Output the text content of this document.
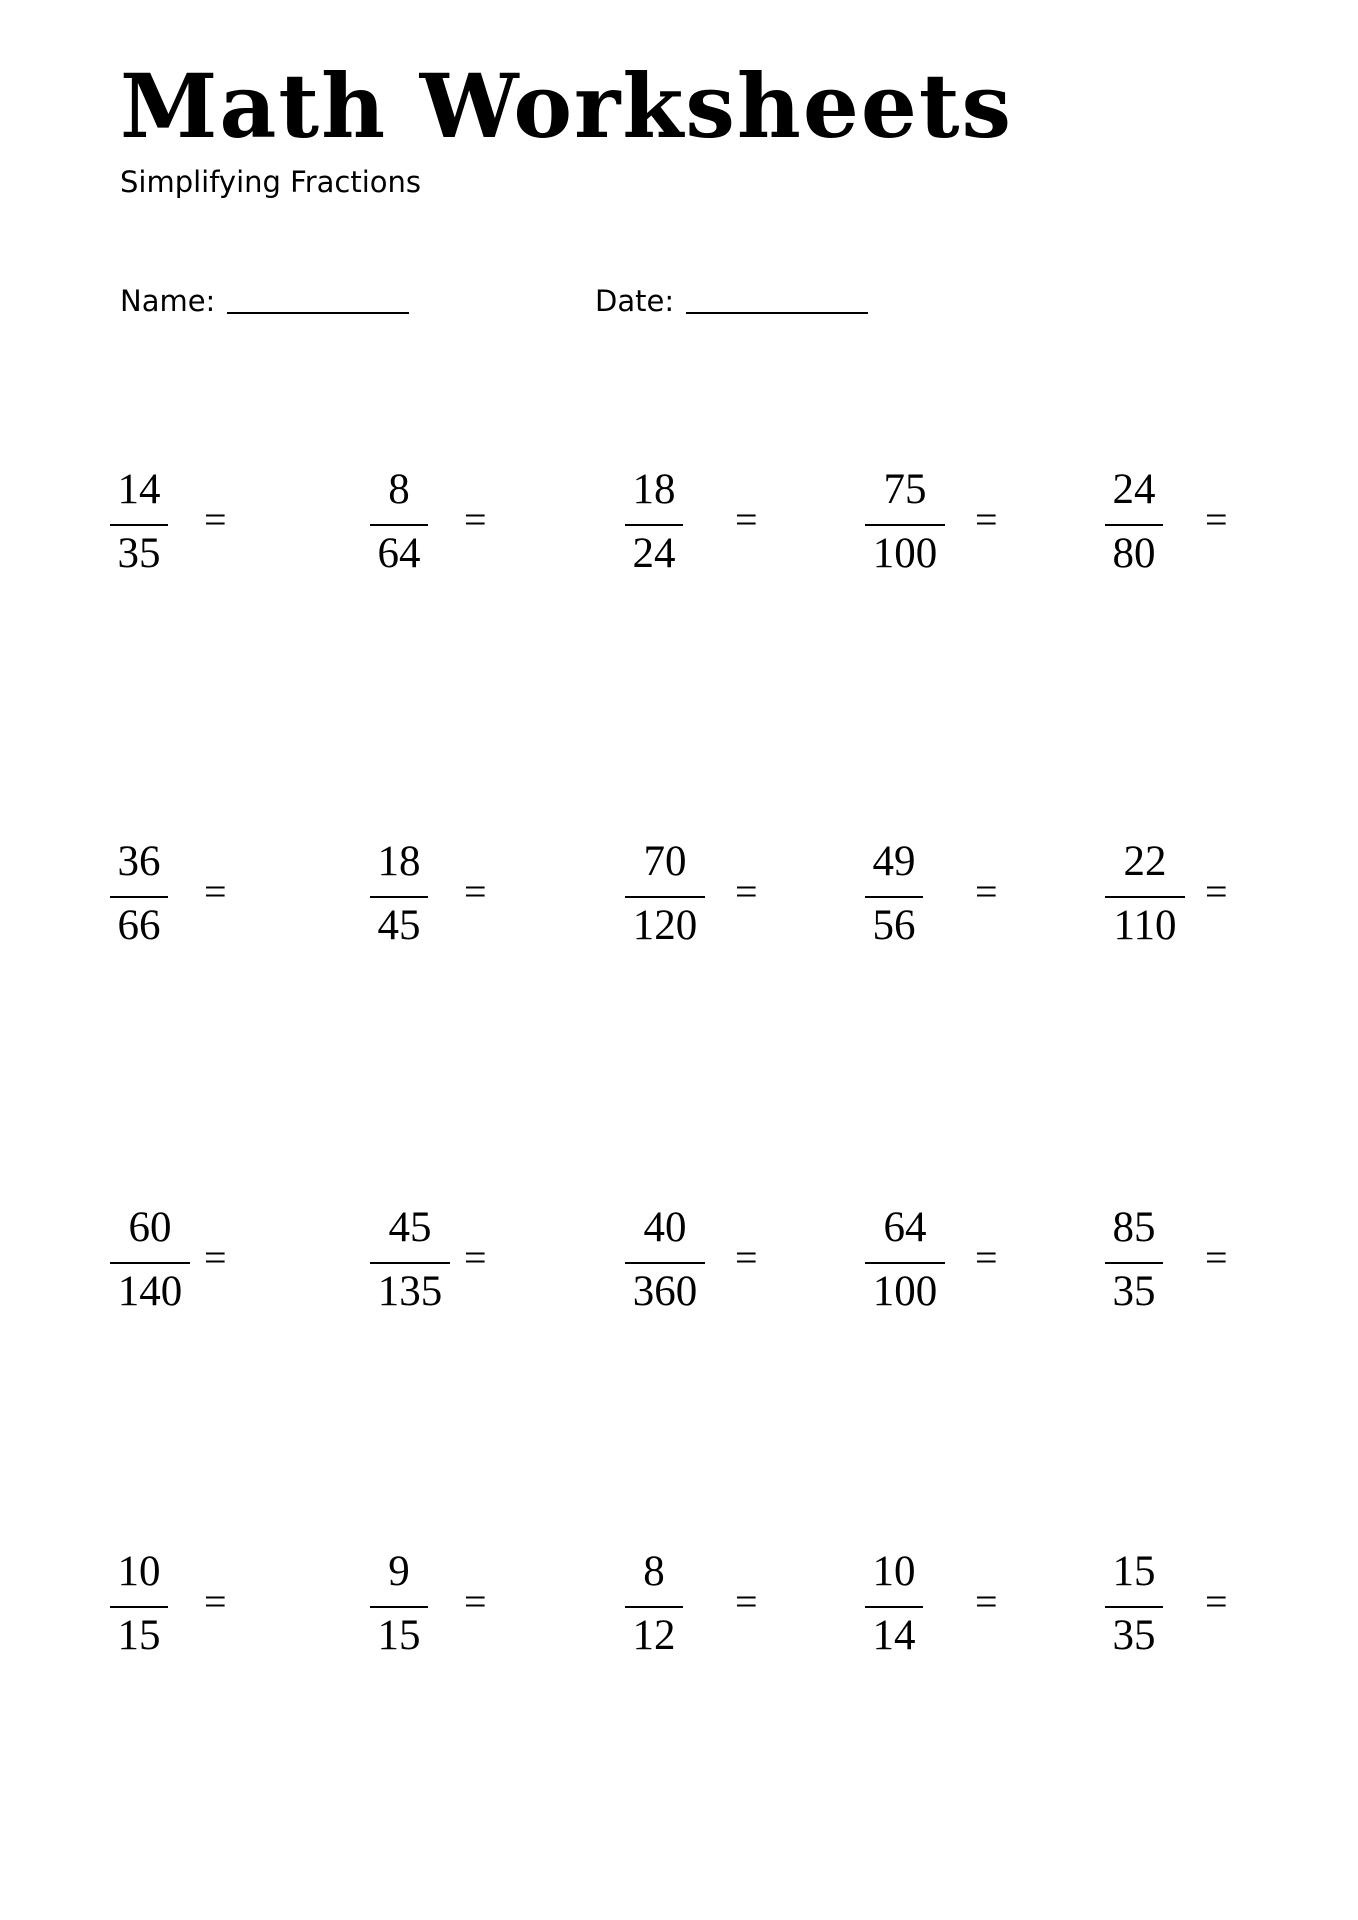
Math Worksheets
Simplifying Fractions
Name:	Date:
14
35
=
8
64
=
18
24
=
75
100
=
24
80
=
36
66
=
18
45
=
70
120
=
49
56
=
22
110
=
60
140
=
45
135
=
40
360
=
64
100
=
85
35
=
10
15
=
9
15
=
8
12
=
10
14
=
15
35
=
